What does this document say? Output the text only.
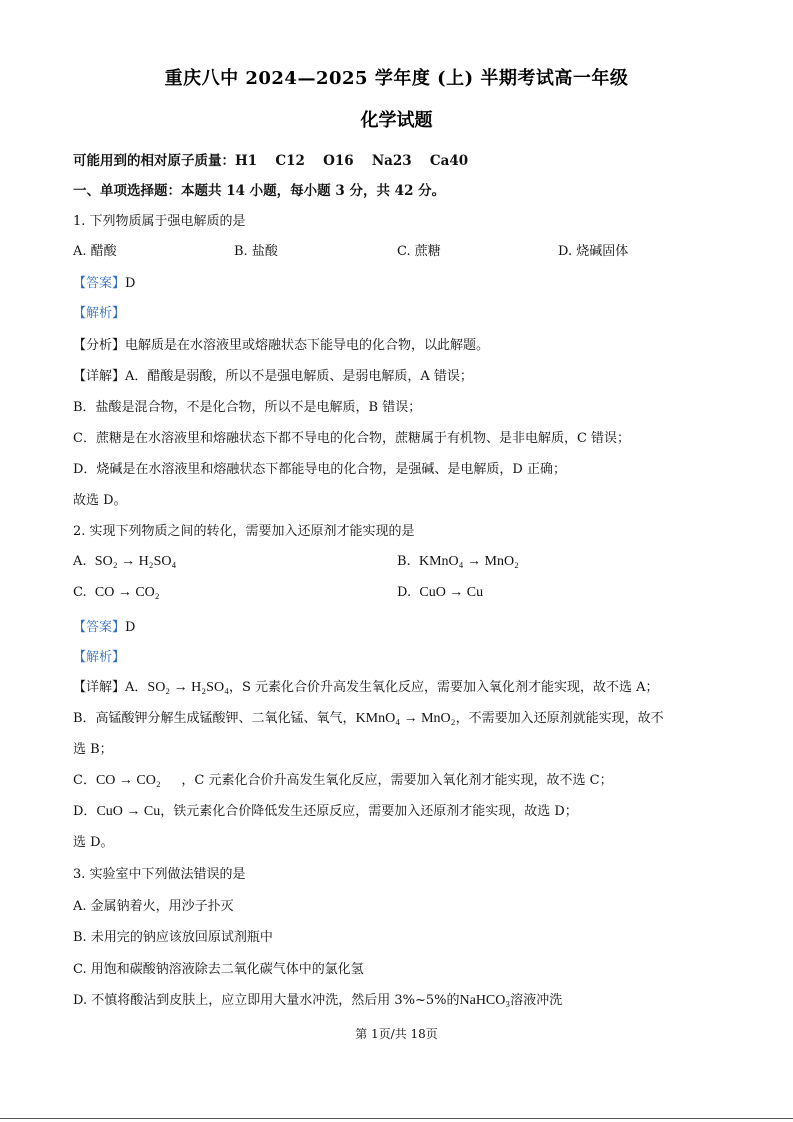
重庆八中 2024—2025 学年度 (上) 半期考试高一年级
化学试题
可能用到的相对原子质量：H1　 C12　 O16　 Na23　 Ca40
一、单项选择题：本题共 14 小题，每小题 3 分，共 42 分。
1. 下列物质属于强电解质的是
A. 醋酸	B. 盐酸	C. 蔗糖	D. 烧碱固体
【答案】D
【解析】
【分析】电解质是在水溶液里或熔融状态下能导电的化合物，以此解题。
【详解】A．醋酸是弱酸，所以不是强电解质、是弱电解质，A 错误；
B．盐酸是混合物，不是化合物，所以不是电解质，B 错误；
C．蔗糖是在水溶液里和熔融状态下都不导电的化合物，蔗糖属于有机物、是非电解质，C 错误；
D．烧碱是在水溶液里和熔融状态下都能导电的化合物，是强碱、是电解质，D 正确；
故选 D。
2. 实现下列物质之间的转化，需要加入还原剂才能实现的是
A. SO₂ → H₂SO₄	B. KMnO₄ → MnO₂
C. CO → CO₂	D. CuO → Cu
【答案】D
【解析】
【详解】A．SO₂ → H₂SO₄，S 元素化合价升高发生氧化反应，需要加入氧化剂才能实现，故不选 A；
B．高锰酸钾分解生成锰酸钾、二氧化锰、氧气，KMnO₄ → MnO₂，不需要加入还原剂就能实现，故不
选 B；
C．CO → CO₂ ，C 元素化合价升高发生氧化反应，需要加入氧化剂才能实现，故不选 C；
D．CuO → Cu，铁元素化合价降低发生还原反应，需要加入还原剂才能实现，故选 D；
选 D。
3. 实验室中下列做法错误的是
A. 金属钠着火，用沙子扑灭
B. 未用完的钠应该放回原试剂瓶中
C. 用饱和碳酸钠溶液除去二氧化碳气体中的氯化氢
D. 不慎将酸沾到皮肤上，应立即用大量水冲洗，然后用 3%~5%的NaHCO₃溶液冲洗
第 1页/共 18页
